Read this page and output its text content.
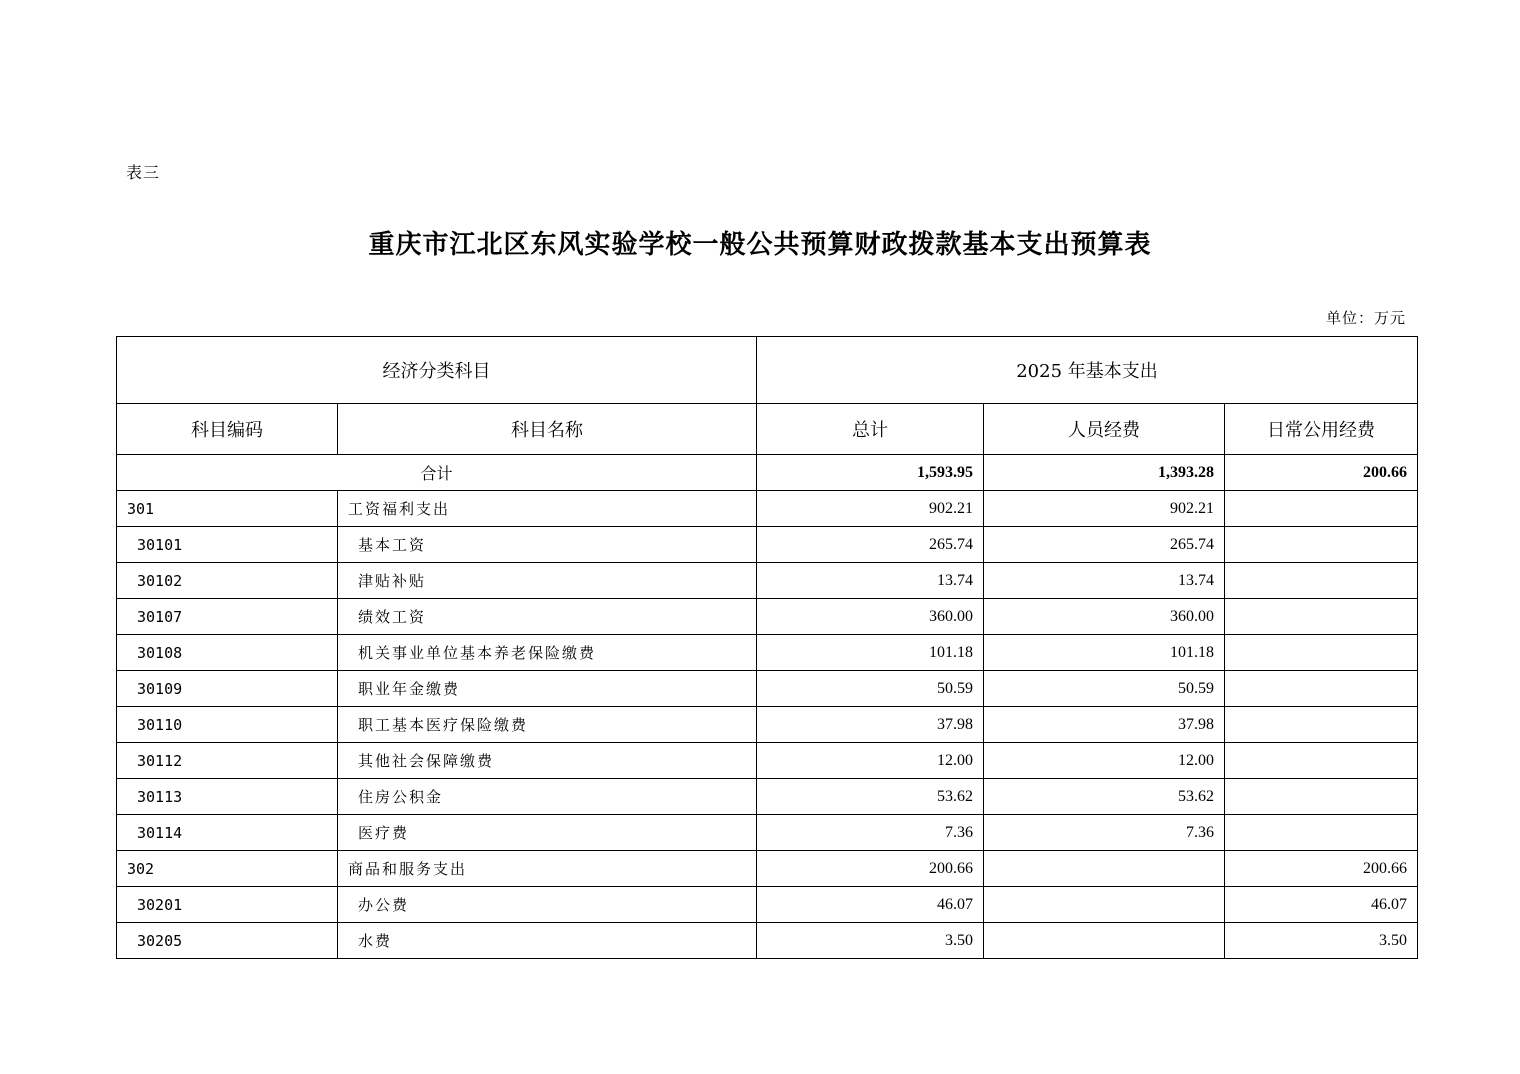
表三
重庆市江北区东风实验学校一般公共预算财政拨款基本支出预算表
单位：万元
经济分类科目		2025 年基本支出		
科目编码	科目名称	总计	人员经费	日常公用经费
合计		1,593.95	1,393.28	200.66
301	工资福利支出	902.21	902.21	
30101	基本工资	265.74	265.74	
30102	津贴补贴	13.74	13.74	
30107	绩效工资	360.00	360.00	
30108	机关事业单位基本养老保险缴费	101.18	101.18	
30109	职业年金缴费	50.59	50.59	
30110	职工基本医疗保险缴费	37.98	37.98	
30112	其他社会保障缴费	12.00	12.00	
30113	住房公积金	53.62	53.62	
30114	医疗费	7.36	7.36	
302	商品和服务支出	200.66		200.66
30201	办公费	46.07		46.07
30205	水费	3.50		3.50
